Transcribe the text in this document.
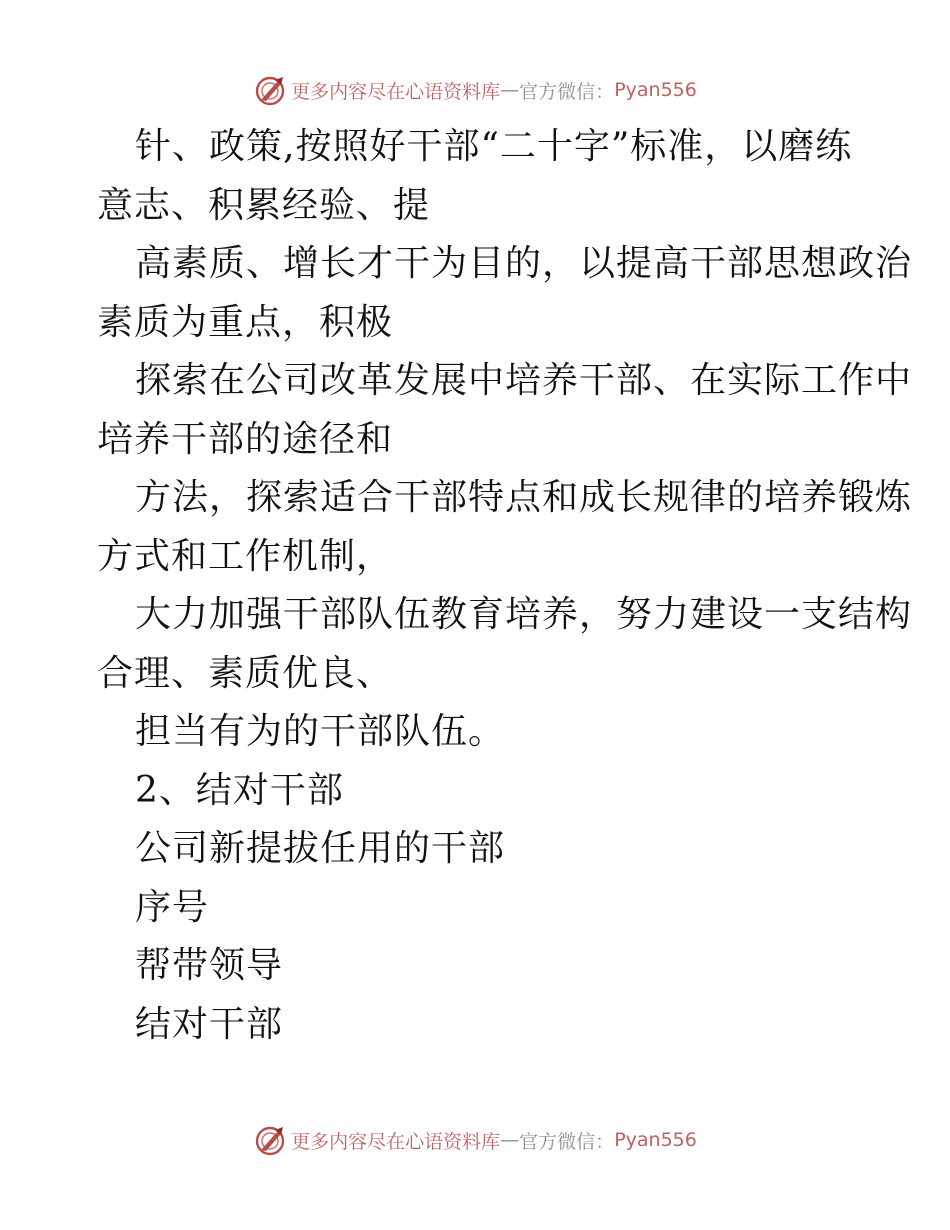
更多内容尽在心语资料库 — 官方微信： Pyan556
针、政策,按照好干部“二十字”标准，以磨练
意志、积累经验、提
高素质、增长才干为目的，以提高干部思想政治
素质为重点，积极
探索在公司改革发展中培养干部、在实际工作中
培养干部的途径和
方法，探索适合干部特点和成长规律的培养锻炼
方式和工作机制，
大力加强干部队伍教育培养，努力建设一支结构
合理、素质优良、
担当有为的干部队伍。
2、结对干部
公司新提拔任用的干部
序号
帮带领导
结对干部
更多内容尽在心语资料库 — 官方微信： Pyan556
